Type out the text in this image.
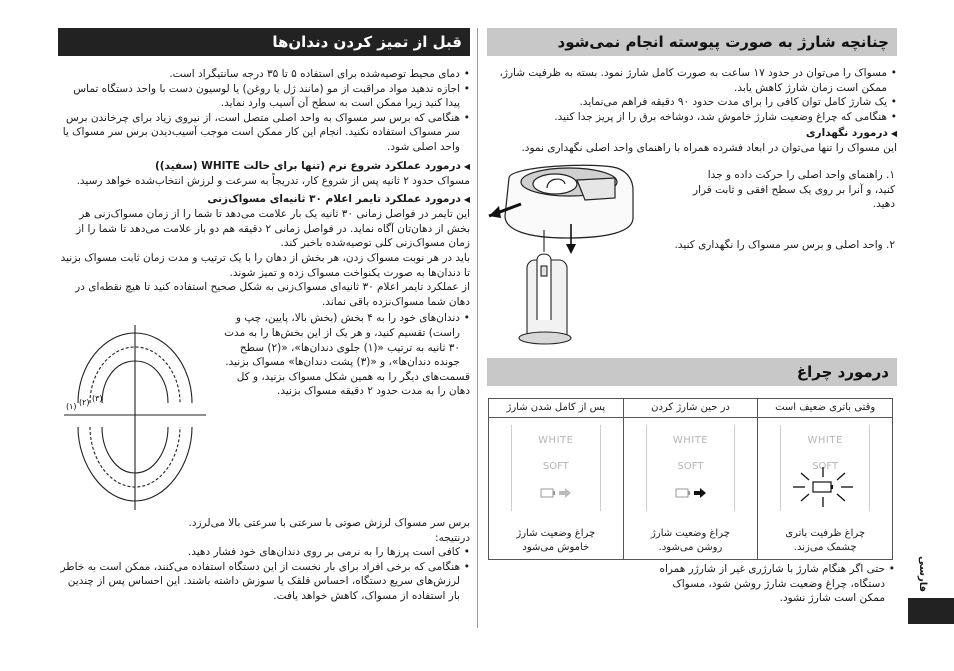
قبل از تمیز کردن دندان‌ها
• دمای محیط توصیه‌شده برای استفاده ۵ تا ۳۵ درجه سانتیگراد است.
• اجازه ندهید مواد مراقبت از مو (مانند ژل یا روغن) یا لوسیون دست با واحد دستگاه تماس پیدا کنید زیرا ممکن است به سطح آن آسیب وارد نماید.
• هنگامی که برس سر مسواک به واحد اصلی متصل است، از نیروی زیاد برای چرخاندن برس سر مسواک استفاده نکنید. انجام این کار ممکن است موجب آسیب‌دیدن برس سر مسواک یا واحد اصلی شود.
◀درمورد عملکرد شروع نرم (تنها برای حالت WHITE (سفید))
مسواک حدود ۲ ثانیه پس از شروع کار، تدریجاً به سرعت و لرزش انتخاب‌شده خواهد رسید.
◀درمورد عملکرد تایمر اعلام ۳۰ ثانیه‌ای مسواک‌زنی
این تایمر در فواصل زمانی ۳۰ ثانیه یک بار علامت می‌دهد تا شما را از زمان مسواک‌زنی هر بخش از دهان‌تان آگاه نماید. در فواصل زمانی ۲ دقیقه هم دو بار علامت می‌دهد تا شما را از زمان مسواک‌زنی کلی توصیه‌شده باخبر کند.
باید در هر نوبت مسواک زدن، هر بخش از دهان را با یک ترتیب و مدت زمان ثابت مسواک بزنید تا دندان‌ها به صورت یکنواخت مسواک زده و تمیز شوند.
از عملکرد تایمر اعلام ۳۰ ثانیه‌ای مسواک‌زنی به شکل صحیح استفاده کنید تا هیچ نقطه‌ای در دهان شما مسواک‌نزده باقی نماند.
• دندان‌های خود را به ۴ بخش (بخش بالا، پایین، چپ و راست) تقسیم کنید، و هر یک از این بخش‌ها را به مدت ۳۰ ثانیه به ترتیب «(۱) جلوی دندان‌ها»، «(۲) سطح جونده دندان‌ها»، و «(۳) پشت دندان‌ها» مسواک بزنید.
قسمت‌های دیگر را به همین شکل مسواک بزنید، و کل دهان را به مدت حدود ۲ دقیقه مسواک بزنید.
(۱) (۲) (۳)
برس سر مسواک لرزش صوتی با سرعتی با سرعتی بالا می‌لرزد.
درنتیجه:
• کافی است پرزها را به نرمی بر روی دندان‌های خود فشار دهید.
• هنگامی که برخی افراد برای بار نخست از این دستگاه استفاده می‌کنند، ممکن است به خاطر لرزش‌های سریع دستگاه، احساس قلقک یا سوزش داشته باشند. این احساس پس از چندین بار استفاده از مسواک، کاهش خواهد یافت.
چنانچه شارژ به صورت پیوسته انجام نمی‌شود
• مسواک را می‌توان در حدود ۱۷ ساعت به صورت کامل شارژ نمود. بسته به ظرفیت شارژ، ممکن است زمان شارژ کاهش یابد.
• یک شارژ کامل توان کافی را برای مدت حدود ۹۰ دقیقه فراهم می‌نماید.
• هنگامی که چراغ وضعیت شارژ خاموش شد، دوشاخه برق را از پریز جدا کنید.
◀درمورد نگهداری
این مسواک را تنها می‌توان در ابعاد فشرده همراه با راهنمای واحد اصلی نگهداری نمود.
۱. راهنمای واحد اصلی را حرکت داده و جدا کنید، و آنرا بر روی یک سطح افقی و ثابت قرار دهید.
۲. واحد اصلی و برس سر مسواک را نگهداری کنید.
درمورد چراغ
وقتی باتری ضعیف است
WHITE
SOFT
چراغ ظرفیت باتری
چشمک می‌زند.
در حین شارژ کردن
WHITE
SOFT
چراغ وضعیت شارژ
روشن می‌شود.
پس از کامل شدن شارژ
WHITE
SOFT
چراغ وضعیت شارژ
خاموش می‌شود
• حتی اگر هنگام شارژ با شارژری غیر از شارژر همراه دستگاه، چراغ وضعیت شارژ روشن شود، مسواک ممکن است شارژ نشود.
فارسی
